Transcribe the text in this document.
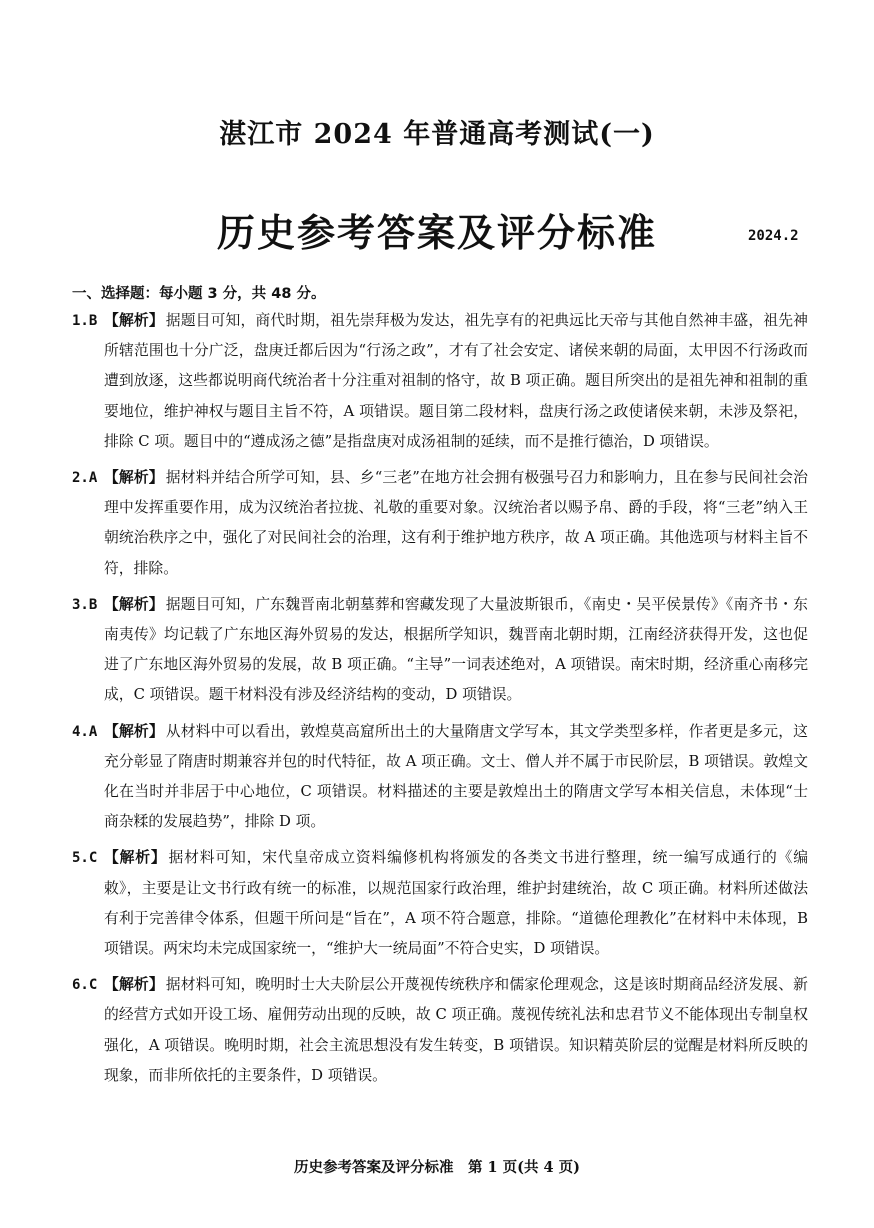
湛江市 2024 年普通高考测试(一)
历史参考答案及评分标准	2024.2
一、选择题：每小题 3 分，共 48 分。
1.B 【解析】 据题目可知，商代时期，祖先崇拜极为发达，祖先享有的祀典远比天帝与其他自然神丰盛，祖先神所辖范围也十分广泛，盘庚迁都后因为“行汤之政”，才有了社会安定、诸侯来朝的局面，太甲因不行汤政而遭到放逐，这些都说明商代统治者十分注重对祖制的恪守，故 B 项正确。题目所突出的是祖先神和祖制的重要地位，维护神权与题目主旨不符，A 项错误。题目第二段材料，盘庚行汤之政使诸侯来朝，未涉及祭祀，排除 C 项。题目中的“遵成汤之德”是指盘庚对成汤祖制的延续，而不是推行德治，D 项错误。
2.A 【解析】 据材料并结合所学可知，县、乡“三老”在地方社会拥有极强号召力和影响力，且在参与民间社会治理中发挥重要作用，成为汉统治者拉拢、礼敬的重要对象。汉统治者以赐予帛、爵的手段，将“三老”纳入王朝统治秩序之中，强化了对民间社会的治理，这有利于维护地方秩序，故 A 项正确。其他选项与材料主旨不符，排除。
3.B 【解析】 据题目可知，广东魏晋南北朝墓葬和窖藏发现了大量波斯银币，《南史・吴平侯景传》《南齐书・东南夷传》均记载了广东地区海外贸易的发达，根据所学知识，魏晋南北朝时期，江南经济获得开发，这也促进了广东地区海外贸易的发展，故 B 项正确。“主导”一词表述绝对，A 项错误。南宋时期，经济重心南移完成，C 项错误。题干材料没有涉及经济结构的变动，D 项错误。
4.A 【解析】 从材料中可以看出，敦煌莫高窟所出土的大量隋唐文学写本，其文学类型多样，作者更是多元，这充分彰显了隋唐时期兼容并包的时代特征，故 A 项正确。文士、僧人并不属于市民阶层，B 项错误。敦煌文化在当时并非居于中心地位，C 项错误。材料描述的主要是敦煌出土的隋唐文学写本相关信息，未体现“士商杂糅的发展趋势”，排除 D 项。
5.C 【解析】 据材料可知，宋代皇帝成立资料编修机构将颁发的各类文书进行整理，统一编写成通行的《编敕》，主要是让文书行政有统一的标准，以规范国家行政治理，维护封建统治，故 C 项正确。材料所述做法有利于完善律令体系，但题干所问是“旨在”，A 项不符合题意，排除。“道德伦理教化”在材料中未体现，B 项错误。两宋均未完成国家统一，“维护大一统局面”不符合史实，D 项错误。
6.C 【解析】 据材料可知，晚明时士大夫阶层公开蔑视传统秩序和儒家伦理观念，这是该时期商品经济发展、新的经营方式如开设工场、雇佣劳动出现的反映，故 C 项正确。蔑视传统礼法和忠君节义不能体现出专制皇权强化，A 项错误。晚明时期，社会主流思想没有发生转变，B 项错误。知识精英阶层的觉醒是材料所反映的现象，而非所依托的主要条件，D 项错误。
历史参考答案及评分标准　第 1 页(共 4 页)
